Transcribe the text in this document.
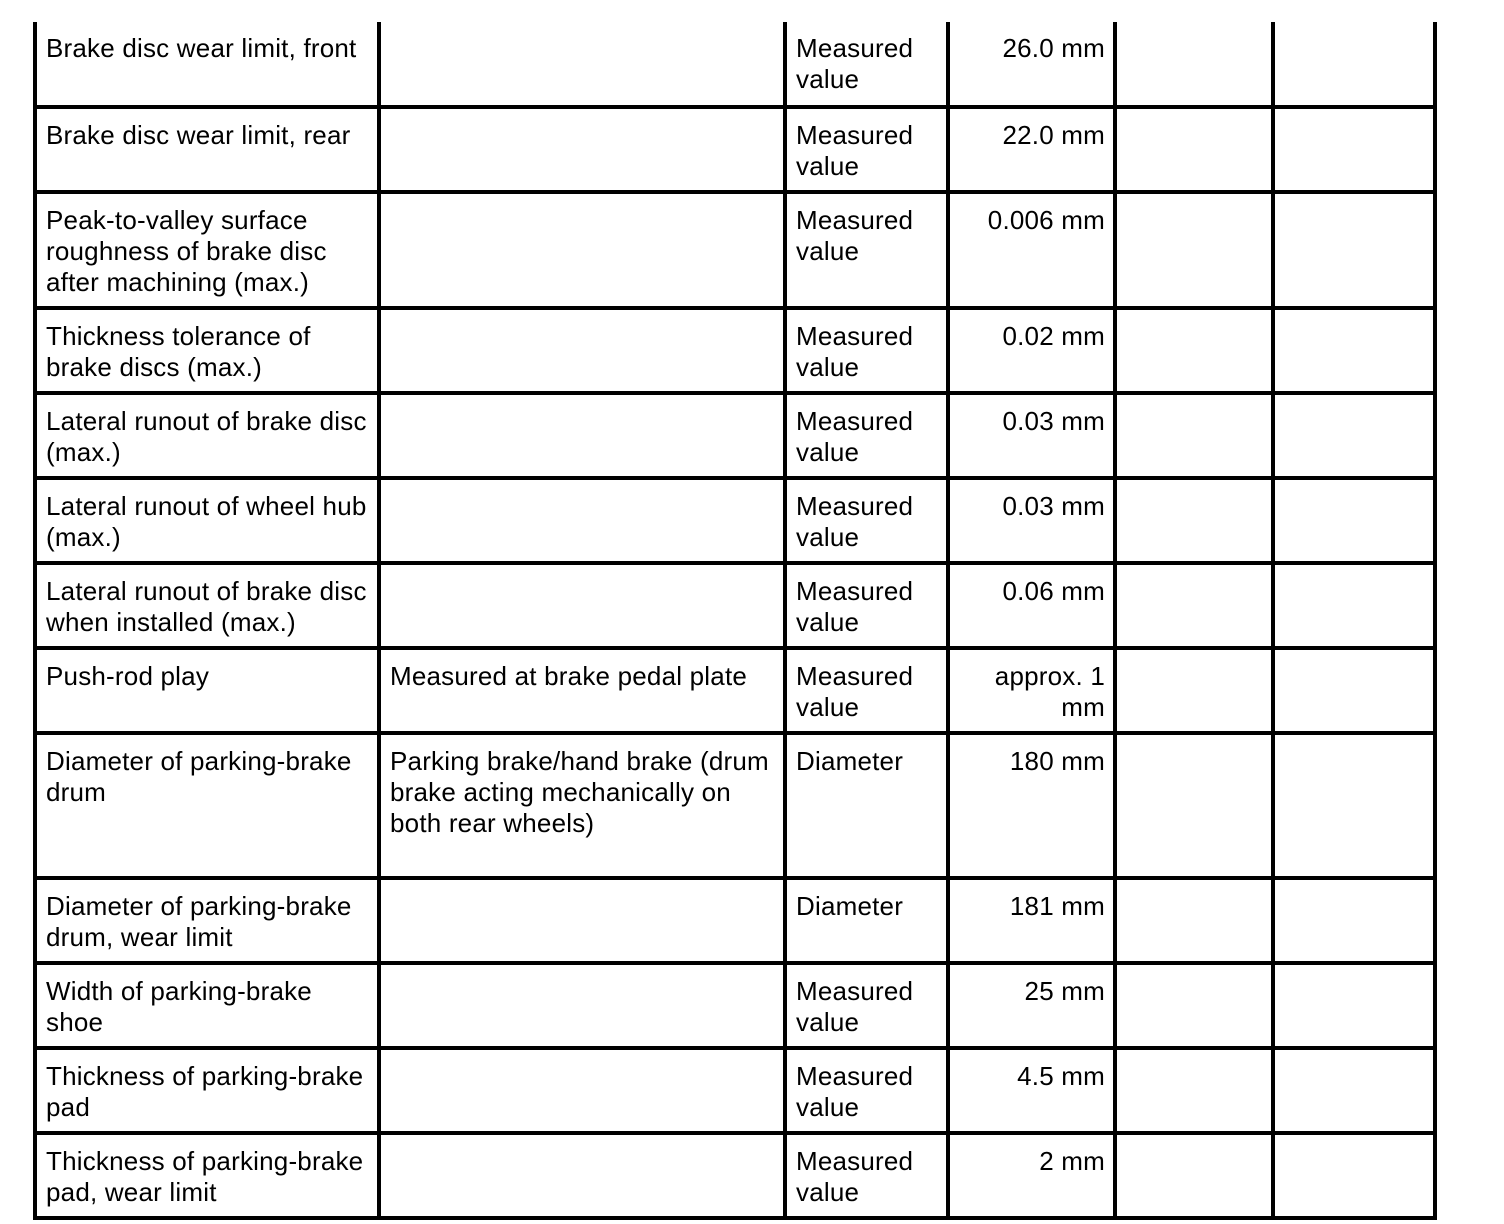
Brake disc wear limit, front		Measured value	26.0 mm		
Brake disc wear limit, rear		Measured value	22.0 mm		
Peak-to-valley surface roughness of brake disc after machining (max.)		Measured value	0.006 mm		
Thickness tolerance of brake discs (max.)		Measured value	0.02 mm		
Lateral runout of brake disc (max.)		Measured value	0.03 mm		
Lateral runout of wheel hub (max.)		Measured value	0.03 mm		
Lateral runout of brake disc when installed (max.)		Measured value	0.06 mm		
Push-rod play	Measured at brake pedal plate	Measured value	approx. 1 mm		
Diameter of parking-brake drum	Parking brake/hand brake (drum brake acting mechanically on both rear wheels)	Diameter	180 mm		
Diameter of parking-brake drum, wear limit		Diameter	181 mm		
Width of parking-brake shoe		Measured value	25 mm		
Thickness of parking-brake pad		Measured value	4.5 mm		
Thickness of parking-brake pad, wear limit		Measured value	2 mm		
